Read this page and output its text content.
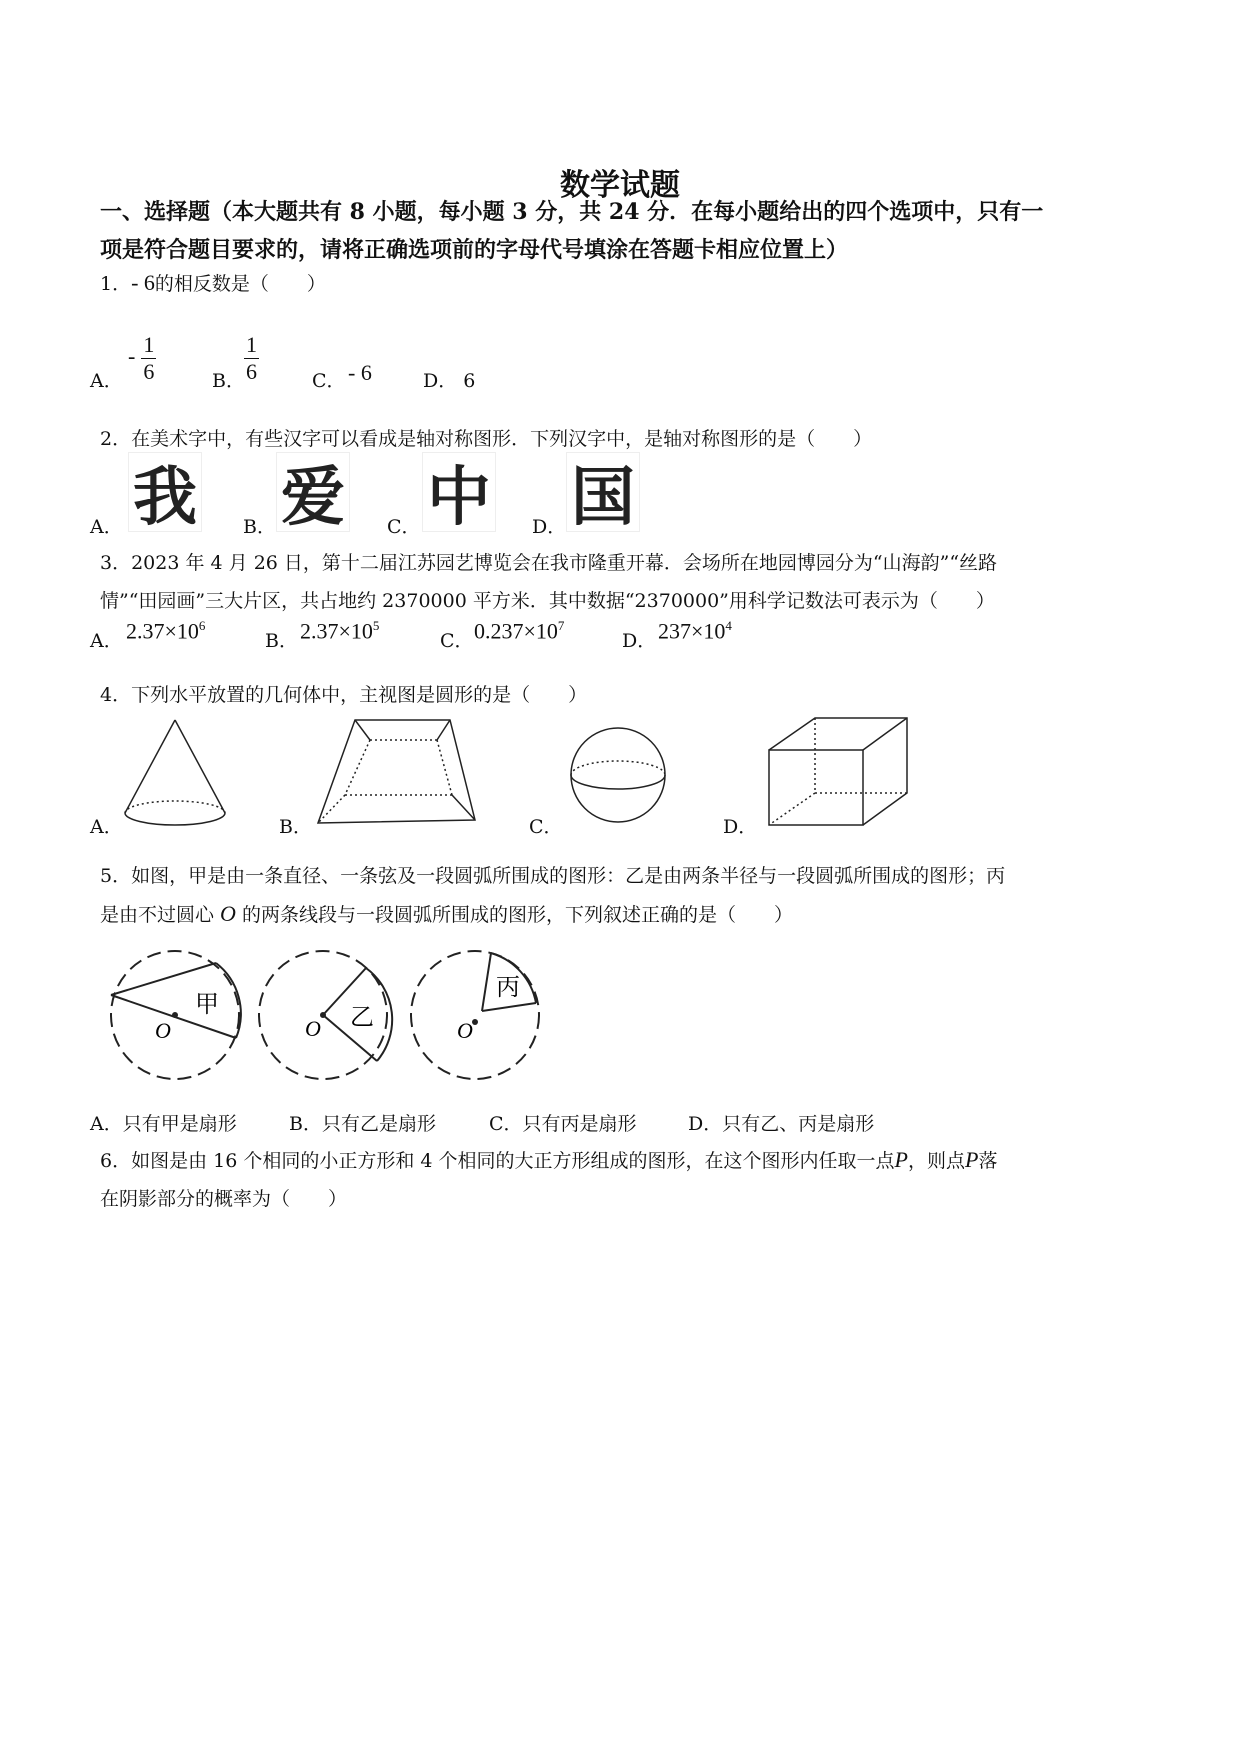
数学试题
一、选择题（本大题共有 8 小题，每小题 3 分，共 24 分．在每小题给出的四个选项中，只有一
项是符合题目要求的，请将正确选项前的字母代号填涂在答题卡相应位置上）
1．- 6的相反数是（　　）
A．
- $\frac{1}{6}$	B． $\frac{1}{6}$	C． - 6	D． 6
2．在美术字中，有些汉字可以看成是轴对称图形．下列汉字中，是轴对称图形的是（　　）
A． 我 B． 爱 C． 中 D． 国
3．2023 年 4 月 26 日，第十二届江苏园艺博览会在我市隆重开幕．会场所在地园博园分为“山海韵”“丝路
情”“田园画”三大片区，共占地约 2370000 平方米．其中数据“2370000”用科学记数法可表示为（　　）
A． $2.37\times 10^6$
B． $2.37\times 10^5$
C． $0.237\times 10^7$
D． $237\times 10^4$
4．下列水平放置的几何体中，主视图是圆形的是（　　）
A．	B．	C．	D．
5．如图，甲是由一条直径、一条弦及一段圆弧所围成的图形：乙是由两条半径与一段圆弧所围成的图形；丙
是由不过圆心 O 的两条线段与一段圆弧所围成的图形，下列叙述正确的是（　　）
甲	乙
丙
O	O	O
A．只有甲是扇形	B．只有乙是扇形	C．只有丙是扇形	D．只有乙、丙是扇形
6．如图是由 16 个相同的小正方形和 4 个相同的大正方形组成的图形，在这个图形内任取一点P，则点P落
在阴影部分的概率为（　　）
